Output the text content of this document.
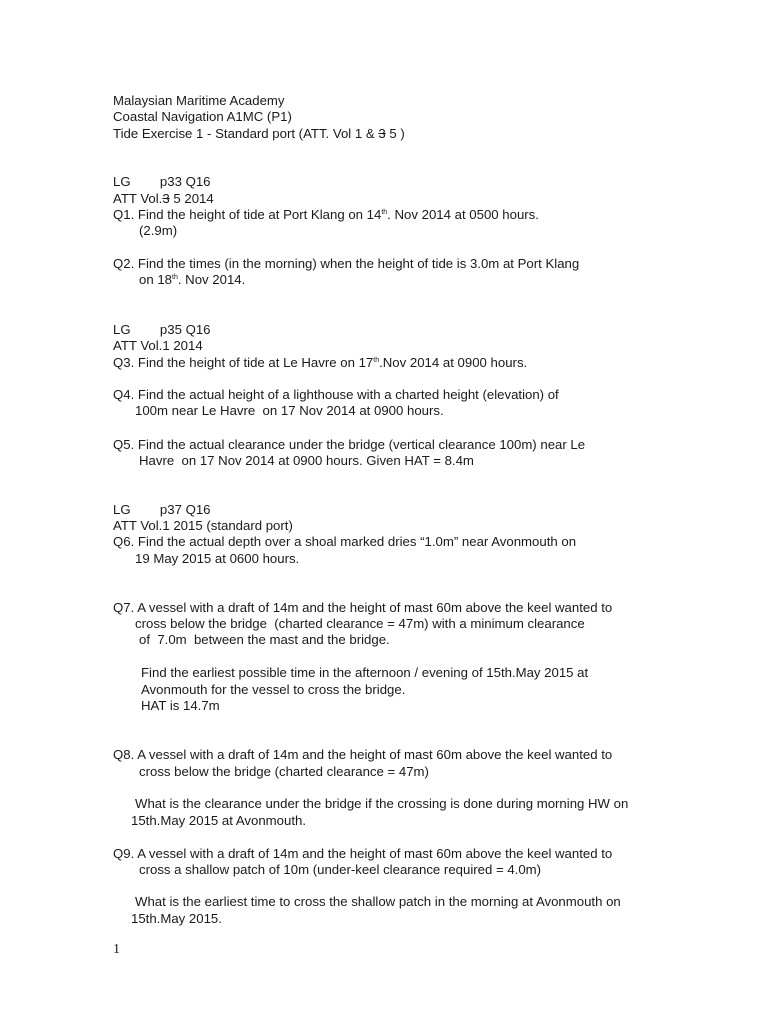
Malaysian Maritime Academy
Coastal Navigation A1MC (P1)
Tide Exercise 1 - Standard port (ATT. Vol 1 & 3 5 )
LG        p33 Q16
ATT Vol.3 5 2014
Q1. Find the height of tide at Port Klang on 14th. Nov 2014 at 0500 hours.
(2.9m)
Q2. Find the times (in the morning) when the height of tide is 3.0m at Port Klang
on 18th. Nov 2014.
LG        p35 Q16
ATT Vol.1 2014
Q3. Find the height of tide at Le Havre on 17th.Nov 2014 at 0900 hours.
Q4. Find the actual height of a lighthouse with a charted height (elevation) of
100m near Le Havre  on 17 Nov 2014 at 0900 hours.
Q5. Find the actual clearance under the bridge (vertical clearance 100m) near Le
Havre  on 17 Nov 2014 at 0900 hours. Given HAT = 8.4m
LG        p37 Q16
ATT Vol.1 2015 (standard port)
Q6. Find the actual depth over a shoal marked dries “1.0m” near Avonmouth on
19 May 2015 at 0600 hours.
Q7. A vessel with a draft of 14m and the height of mast 60m above the keel wanted to
cross below the bridge  (charted clearance = 47m) with a minimum clearance
of  7.0m  between the mast and the bridge.
Find the earliest possible time in the afternoon / evening of 15th.May 2015 at
Avonmouth for the vessel to cross the bridge.
HAT is 14.7m
Q8. A vessel with a draft of 14m and the height of mast 60m above the keel wanted to
cross below the bridge (charted clearance = 47m)
What is the clearance under the bridge if the crossing is done during morning HW on
15th.May 2015 at Avonmouth.
Q9. A vessel with a draft of 14m and the height of mast 60m above the keel wanted to
cross a shallow patch of 10m (under-keel clearance required = 4.0m)
What is the earliest time to cross the shallow patch in the morning at Avonmouth on
15th.May 2015.
1
